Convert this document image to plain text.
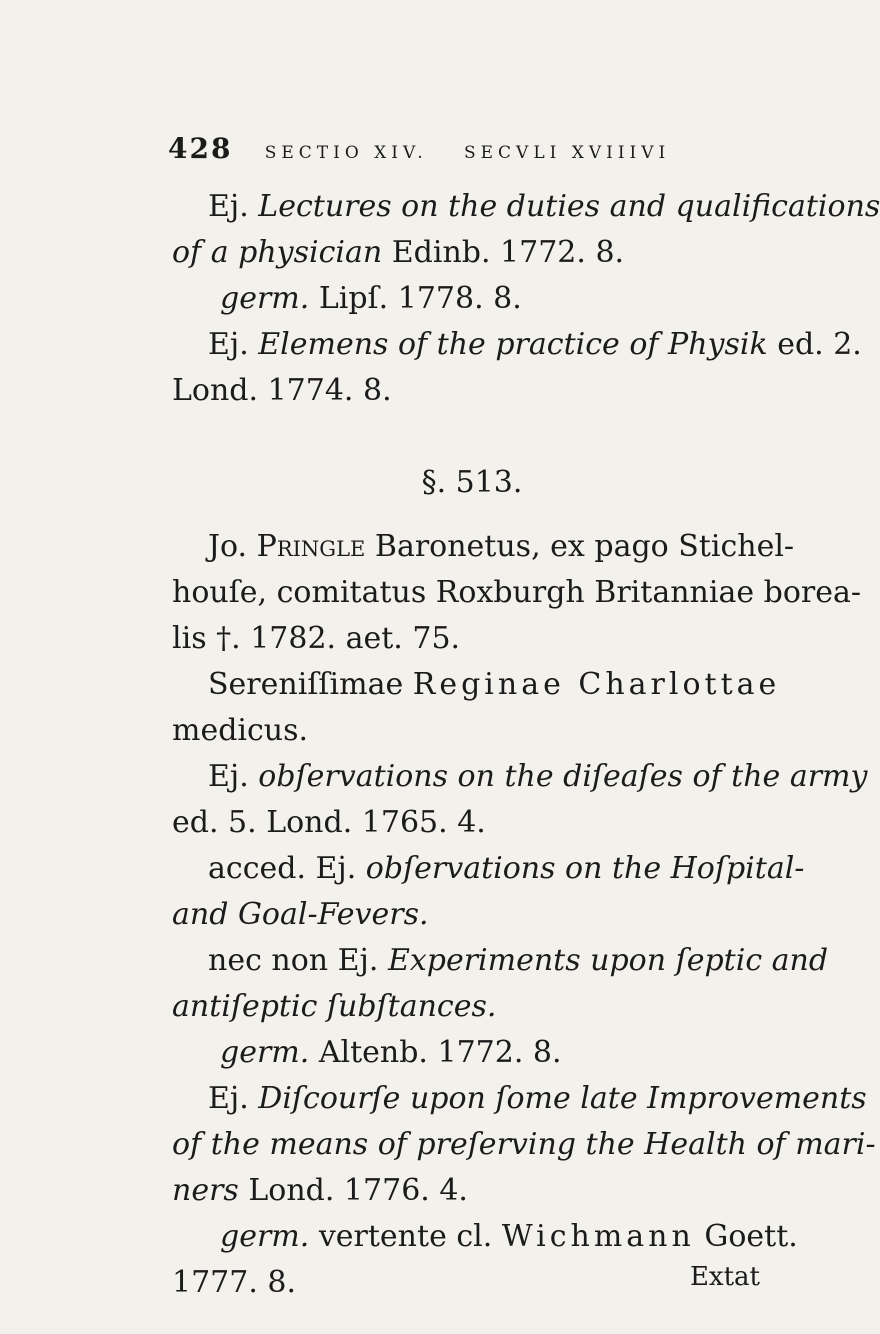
428 SECTIO XIV. SECVLI XVIIIVI
Ej. Lectures on the duties and qualifications
of a physician Edinb. 1772. 8.
germ. Lipſ. 1778. 8.
Ej. Elemens of the practice of Physik ed. 2.
Lond. 1774. 8.
§. 513.
Jo. Pringle Baronetus, ex pago Stichel-
houſe, comitatus Roxburgh Britanniae borea-
lis †. 1782. aet. 75.
Sereniſſimae Reginae Charlottae
medicus.
Ej. obſervations on the diſeaſes of the army
ed. 5. Lond. 1765. 4.
acced. Ej. obſervations on the Hoſpital-
and Goal-Fevers.
nec non Ej. Experiments upon ſeptic and
antiſeptic ſubſtances.
germ. Altenb. 1772. 8.
Ej. Diſcourſe upon ſome late Improvements
of the means of preſerving the Health of mari-
ners Lond. 1776. 4.
germ. vertente cl. Wichmann Goett.
1777. 8.	Extat
